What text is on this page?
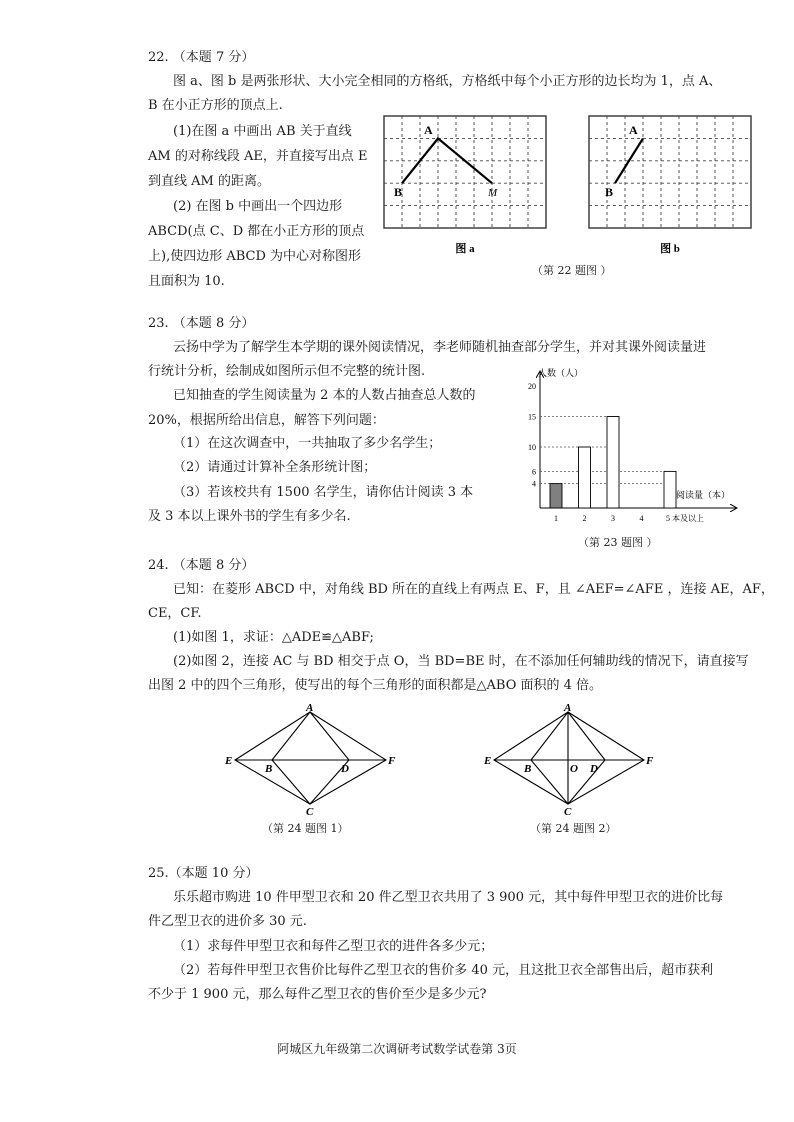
22. （本题 7 分）
图 a、图 b 是两张形状、大小完全相同的方格纸，方格纸中每个小正方形的边长均为 1，点 A、
B 在小正方形的顶点上.
(1)在图 a 中画出 AB 关于直线
AM 的对称线段 AE，并直接写出点 E
到直线 AM 的距离。
(2) 在图 b 中画出一个四边形
ABCD(点 C、D 都在小正方形的顶点
上),使四边形 ABCD 为中心对称图形
且面积为 10.
A
B	M
图 a
A
B
图 b
（第 22 题图 ）
23. （本题 8 分）
云扬中学为了解学生本学期的课外阅读情况，李老师随机抽查部分学生，并对其课外阅读量进
行统计分析，绘制成如图所示但不完整的统计图.
已知抽查的学生阅读量为 2 本的人数占抽查总人数的
20%，根据所给出信息，解答下列问题：
（1）在这次调查中，一共抽取了多少名学生；
（2）请通过计算补全条形统计图；
（3）若该校共有 1500 名学生，请你估计阅读 3 本
及 3 本以上课外书的学生有多少名.
人数（人）
阅读量（本）
4
6
10
15
20
1	2	3	4	5 本及以上
（第 23 题图 ）
24. （本题 8 分）
已知：在菱形 ABCD 中，对角线 BD 所在的直线上有两点 E、F，且 ∠AEF=∠AFE ，连接 AE，AF，
CE，CF.
(1)如图 1，求证：△ADE≌△ABF;
(2)如图 2，连接 AC 与 BD 相交于点 O，当 BD=BE 时，在不添加任何辅助线的情况下，请直接写
出图 2 中的四个三角形，使写出的每个三角形的面积都是△ABO 面积的 4 倍。
A
E
B	D
F
C
（第 24 题图 1）
A
E
B	O D
F
C
（第 24 题图 2）
25.（本题 10 分）
乐乐超市购进 10 件甲型卫衣和 20 件乙型卫衣共用了 3 900 元，其中每件甲型卫衣的进价比每
件乙型卫衣的进价多 30 元.
（1）求每件甲型卫衣和每件乙型卫衣的进件各多少元；
（2）若每件甲型卫衣售价比每件乙型卫衣的售价多 40 元，且这批卫衣全部售出后，超市获利
不少于 1 900 元，那么每件乙型卫衣的售价至少是多少元?
阿城区九年级第二次调研考试数学试卷第 3页
